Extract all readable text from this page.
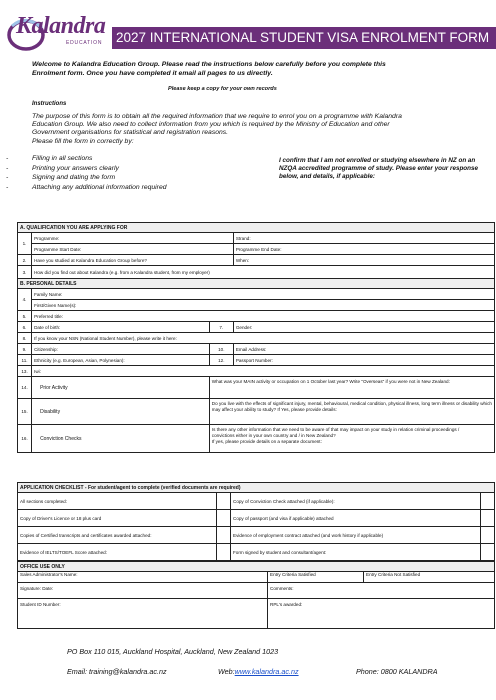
Kalandra
EDUCATION 2027 INTERNATIONAL STUDENT VISA ENROLMENT FORM
Welcome to Kalandra Education Group. Please read the instructions below carefully before you complete this
Enrolment form. Once you have completed it email all pages to us directly.
Please keep a copy for your own records
Instructions
The purpose of this form is to obtain all the required information that we require to enrol you on a programme with Kalandra
Education Group. We also need to collect information from you which is required by the Ministry of Education and other
Government organisations for statistical and registration reasons.
Please fill the form in correctly by:
- Filling in all sections
- Printing your answers clearly
- Signing and dating the form
- Attaching any additional information required
I confirm that I am not enrolled or studying elsewhere in NZ on an
NZQA accredited programme of study. Please enter your response
below, and details, if applicable:
A. QUALIFICATION YOU ARE APPLYING FOR			
1.	Programme:		Strand:
	Programme Start Date:		Programme End Date:
2.	Have you studied at Kalandra Education Group before?		When:
3.	How did you find out about Kalandra (e.g. from a Kalandra student, from my employer)		
B. PERSONAL DETAILS			
4.	Family Name:		
	First/Given Name(s):		
5.	Preferred title:		
6.	Date of birth:	7.	Gender:
8.	If you know your NSN (National Student Number), please write it here:		
9.	Citizenship:	10.	Email Address:
11.	Ethnicity (e.g. European, Asian, Polynesian):	12.	Passport Number:
13.	Iwi:		
14.	Prior Activity	What was your MAIN activity or occupation on 1 October last year? Write "Overseas" if you were not in New Zealand:	
15.	Disability	Do you live with the effects of significant injury, mental, behavioural, medical condition, physical illness, long term illness or disability which
may affect your ability to study? If Yes, please provide details:	

16.	Conviction Checks	Is there any other information that we need to be aware of that may impact on your study in relation criminal proceedings /
convictions either in your own country and / in New Zealand?
If yes, please provide details on a separate document:	
APPLICATION CHECKLIST - For student/agent to complete (verified documents are required)			
All sections completed:		Copy of Conviction Check attached (if applicable):	
Copy of Driver's Licence or 18 plus card		Copy of passport (and visa if applicable) attached	
Copies of Certified transcripts and certificates awarded attached:		Evidence of employment contract attached (and work history if applicable)	
Evidence of IELTS/TOEFL Score attached:		Form signed by student and consultant/agent:	
OFFICE USE ONLY		
Sales Administrator's Name:	Entry Criteria Satisfied	Entry Criteria Not Satisfied
Signature: Date:	Comments:	
Student ID Number:	RPL's awarded:	
PO Box 110 015, Auckland Hospital, Auckland, New Zealand 1023
Email: training@kalandra.ac.nz	Web:www.kalandra.ac.nz	Phone: 0800 KALANDRA
